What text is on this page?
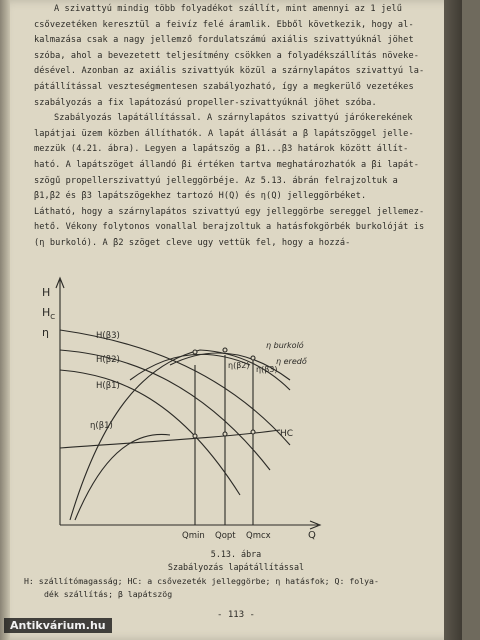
A szivattyú mindig több folyadékot szállít, mint amennyi az 1 jelű

csővezetéken keresztül a feivíz felé áramlik. Ebből következik, hogy al-

kalmazása csak a nagy jellemző fordulatszámú axiális szivattyúknál jöhet

szóba, ahol a bevezetett teljesítmény csökken a folyadékszállítás növeke-

désével. Azonban az axiális szivattyúk közül a szárnylapátos szivattyú la-

pátállítással veszteségmentesen szabályozható, így a megkerülő vezetékes

szabályozás a fix lapátozású propeller-szivattyúknál jöhet szóba.

Szabályozás lapátállítással. A szárnylapátos szivattyú járókerekének

lapátjai üzem közben állíthatók. A lapát állását a β lapátszöggel jelle-

mezzük (4.21. ábra). Legyen a lapátszög a β1...β3 határok között állít-

ható. A lapátszöget állandó βi értéken tartva meghatározhatók a βi lapát-

szögű propellerszivattyú jelleggörbéje. Az 5.13. ábrán felrajzoltuk a

β1,β2 és β3 lapátszögekhez tartozó H(Q) és η(Q) jelleggörbéket.

Látható, hogy a szárnylapátos szivattyú egy jelleggörbe sereggel jellemez-

hető. Vékony folytonos vonallal berajzoltuk a hatásfokgörbék burkolóját is

(η burkoló). A β2 szöget cleve ugy vettük fel, hogy a hozzá-

H
$H_C$
η
Q
H(β3)
H(β2)
H(β1)
η(β1)
η(β2) η(β3)
η burkoló
η eredő
HC
Qmin Qopt Qmcx
5.13. ábra
Szabályozás lapátállítással

H: szállítómagasság; HC: a csővezeték jelleggörbe; η hatásfok; Q: folya-

dék szállítás; β lapátszög

- 113 -
Antikvárium.hu
